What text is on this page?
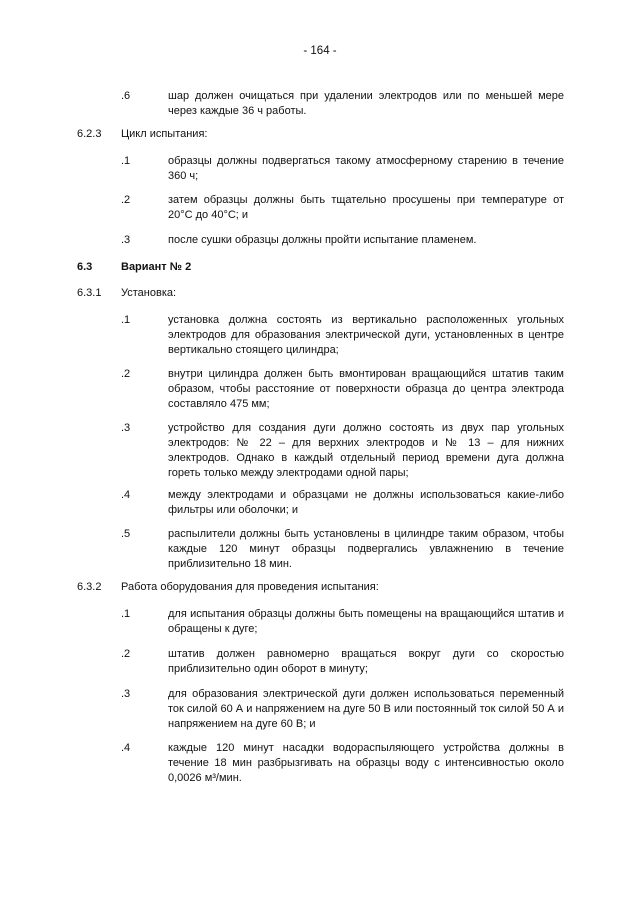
- 164 -
.6	шар должен очищаться при удалении электродов или по меньшей мере через каждые 36 ч работы.
6.2.3 Цикл испытания:
.1	образцы должны подвергаться такому атмосферному старению в течение 360 ч;
.2	затем образцы должны быть тщательно просушены при температуре от 20°C до 40°C; и
.3	после сушки образцы должны пройти испытание пламенем.
6.3	Вариант № 2
6.3.1 Установка:
.1	установка должна состоять из вертикально расположенных угольных электродов для образования электрической дуги, установленных в центре вертикально стоящего цилиндра;
.2	внутри цилиндра должен быть вмонтирован вращающийся штатив таким образом, чтобы расстояние от поверхности образца до центра электрода составляло 475 мм;
.3	устройство для создания дуги должно состоять из двух пар угольных электродов: № 22 – для верхних электродов и № 13 – для нижних электродов. Однако в каждый отдельный период времени дуга должна гореть только между электродами одной пары;
.4	между электродами и образцами не должны использоваться какие-либо фильтры или оболочки; и
.5	распылители должны быть установлены в цилиндре таким образом, чтобы каждые 120 минут образцы подвергались увлажнению в течение приблизительно 18 мин.
6.3.2 Работа оборудования для проведения испытания:
.1	для испытания образцы должны быть помещены на вращающийся штатив и обращены к дуге;
.2	штатив должен равномерно вращаться вокруг дуги со скоростью приблизительно один оборот в минуту;
.3	для образования электрической дуги должен использоваться переменный ток силой 60 А и напряжением на дуге 50 В или постоянный ток силой 50 А и напряжением на дуге 60 В; и
.4	каждые 120 минут насадки водораспыляющего устройства должны в течение 18 мин разбрызгивать на образцы воду с интенсивностью около 0,0026 м³/мин.
